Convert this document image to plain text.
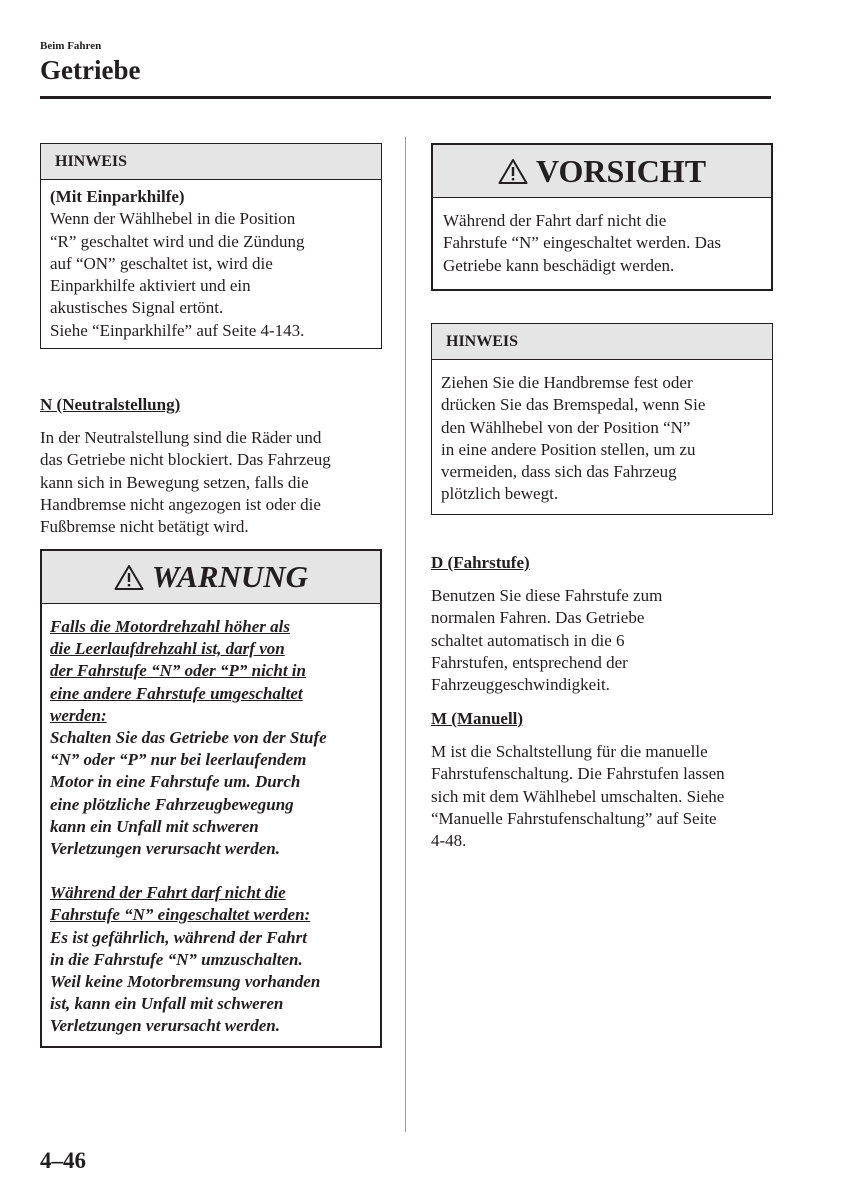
Beim Fahren
Getriebe
HINWEIS
(Mit Einparkhilfe)
Wenn der Wählhebel in die Position
“R” geschaltet wird und die Zündung
auf “ON” geschaltet ist, wird die
Einparkhilfe aktiviert und ein
akustisches Signal ertönt.
Siehe “Einparkhilfe” auf Seite 4-143.
N (Neutralstellung)
In der Neutralstellung sind die Räder und
das Getriebe nicht blockiert. Das Fahrzeug
kann sich in Bewegung setzen, falls die
Handbremse nicht angezogen ist oder die
Fußbremse nicht betätigt wird.
WARNUNG

Falls die Motordrehzahl höher als
die Leerlaufdrehzahl ist, darf von
der Fahrstufe “N” oder “P” nicht in
eine andere Fahrstufe umgeschaltet
werden:
Schalten Sie das Getriebe von der Stufe
“N” oder “P” nur bei leerlaufendem
Motor in eine Fahrstufe um. Durch
eine plötzliche Fahrzeugbewegung
kann ein Unfall mit schweren
Verletzungen verursacht werden.

Während der Fahrt darf nicht die
Fahrstufe “N” eingeschaltet werden:
Es ist gefährlich, während der Fahrt
in die Fahrstufe “N” umzuschalten.
Weil keine Motorbremsung vorhanden
ist, kann ein Unfall mit schweren
Verletzungen verursacht werden.

VORSICHT
Während der Fahrt darf nicht die
Fahrstufe “N” eingeschaltet werden. Das
Getriebe kann beschädigt werden.
HINWEIS
Ziehen Sie die Handbremse fest oder
drücken Sie das Bremspedal, wenn Sie
den Wählhebel von der Position “N”
in eine andere Position stellen, um zu
vermeiden, dass sich das Fahrzeug
plötzlich bewegt.
D (Fahrstufe)
Benutzen Sie diese Fahrstufe zum
normalen Fahren. Das Getriebe
schaltet automatisch in die 6
Fahrstufen, entsprechend der
Fahrzeuggeschwindigkeit.
M (Manuell)
M ist die Schaltstellung für die manuelle
Fahrstufenschaltung. Die Fahrstufen lassen
sich mit dem Wählhebel umschalten. Siehe
“Manuelle Fahrstufenschaltung” auf Seite
4-48.
4–46
